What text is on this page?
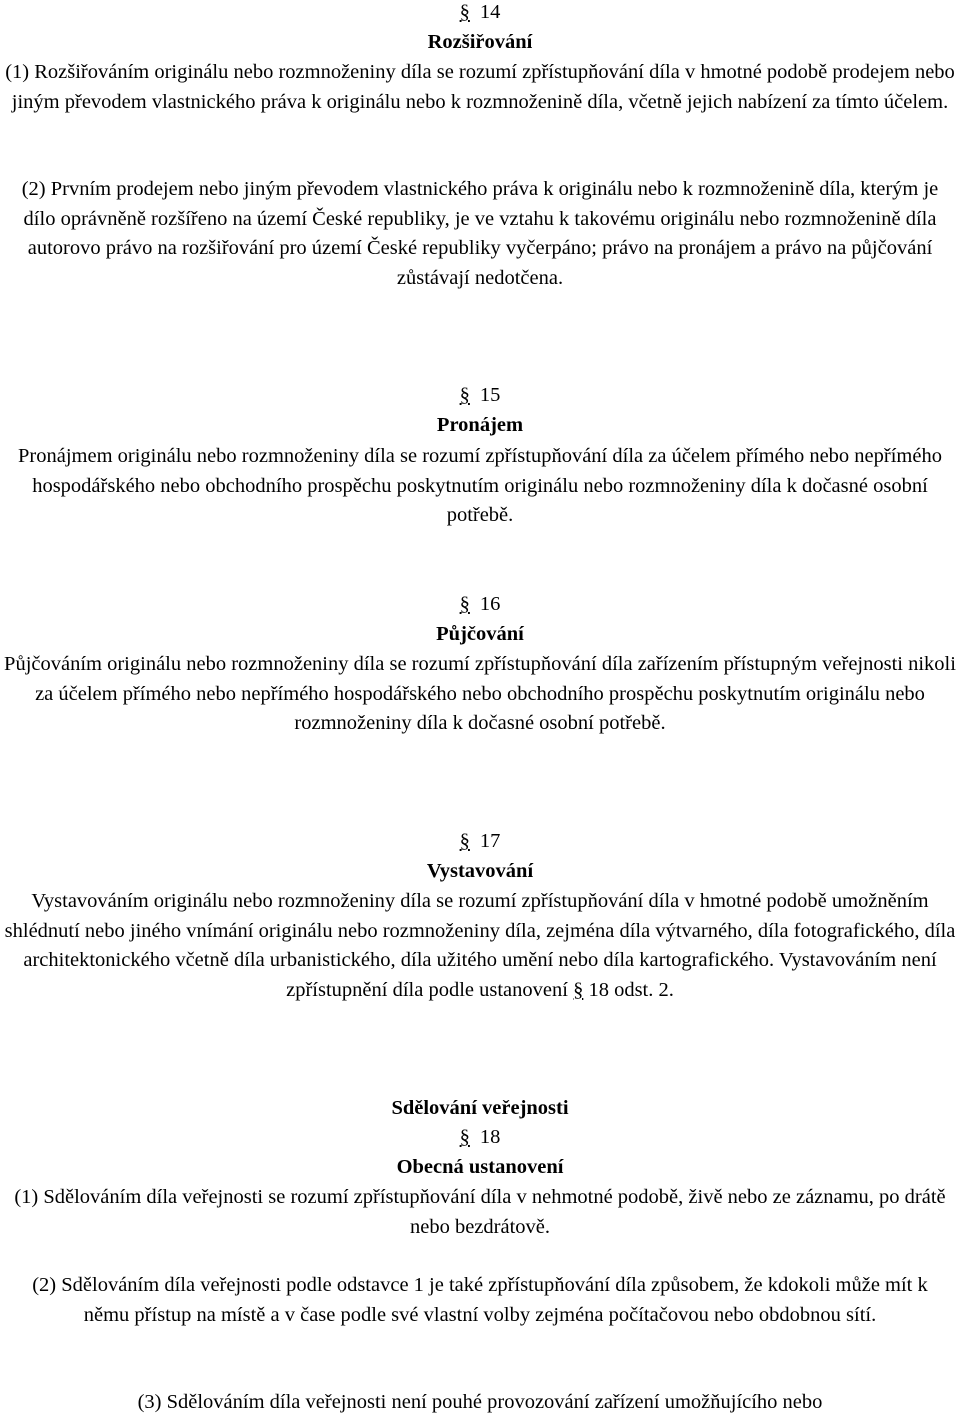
§ 14
Rozšiřování

(1) Rozšiřováním originálu nebo rozmnoženiny díla se rozumí zpřístupňování díla v hmotné podobě prodejem nebo jiným převodem vlastnického práva k originálu nebo k rozmnoženině díla, včetně jejich nabízení za tímto účelem.

(2) Prvním prodejem nebo jiným převodem vlastnického práva k originálu nebo k rozmnoženině díla, kterým je dílo oprávněně rozšířeno na území České republiky, je ve vztahu k takovému originálu nebo rozmnoženině díla autorovo právo na rozšiřování pro území České republiky vyčerpáno; právo na pronájem a právo na půjčování zůstávají nedotčena.

§ 15
Pronájem

Pronájmem originálu nebo rozmnoženiny díla se rozumí zpřístupňování díla za účelem přímého nebo nepřímého hospodářského nebo obchodního prospěchu poskytnutím originálu nebo rozmnoženiny díla k dočasné osobní potřebě.

§ 16
Půjčování

Půjčováním originálu nebo rozmnoženiny díla se rozumí zpřístupňování díla zařízením přístupným veřejnosti nikoli za účelem přímého nebo nepřímého hospodářského nebo obchodního prospěchu poskytnutím originálu nebo rozmnoženiny díla k dočasné osobní potřebě.

§ 17
Vystavování

Vystavováním originálu nebo rozmnoženiny díla se rozumí zpřístupňování díla v hmotné podobě umožněním shlédnutí nebo jiného vnímání originálu nebo rozmnoženiny díla, zejména díla výtvarného, díla fotografického, díla architektonického včetně díla urbanistického, díla užitého umění nebo díla kartografického. Vystavováním není zpřístupnění díla podle ustanovení § 18 odst. 2.

Sdělování veřejnosti
§ 18
Obecná ustanovení

(1) Sdělováním díla veřejnosti se rozumí zpřístupňování díla v nehmotné podobě, živě nebo ze záznamu, po drátě nebo bezdrátově.

(2) Sdělováním díla veřejnosti podle odstavce 1 je také zpřístupňování díla způsobem, že kdokoli může mít k němu přístup na místě a v čase podle své vlastní volby zejména počítačovou nebo obdobnou sítí.

(3) Sdělováním díla veřejnosti není pouhé provozování zařízení umožňujícího nebo
